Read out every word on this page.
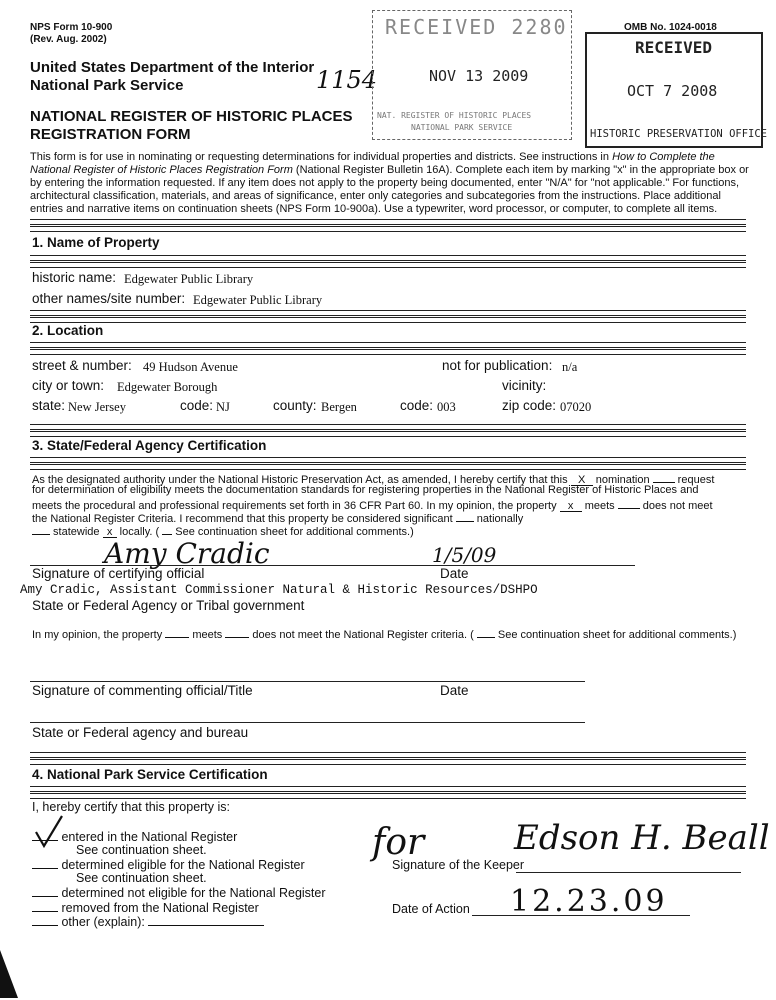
NPS Form 10-900
(Rev. Aug. 2002)
OMB No. 1024-0018
United States Department of the Interior
National Park Service	1154
NATIONAL REGISTER OF HISTORIC PLACES
REGISTRATION FORM
RECEIVED 2280
NOV 13 2009
NAT. REGISTER OF HISTORIC PLACES
NATIONAL PARK SERVICE
RECEIVED
OCT 7 2008
HISTORIC PRESERVATION OFFICE
This form is for use in nominating or requesting determinations for individual properties and districts. See instructions in How to Complete the National Register of Historic Places Registration Form (National Register Bulletin 16A). Complete each item by marking "x" in the appropriate box or by entering the information requested. If any item does not apply to the property being documented, enter "N/A" for "not applicable." For functions, architectural classification, materials, and areas of significance, enter only categories and subcategories from the instructions. Place additional entries and narrative items on continuation sheets (NPS Form 10-900a). Use a typewriter, word processor, or computer, to complete all items.
1. Name of Property
historic name: Edgewater Public Library
other names/site number: Edgewater Public Library
2. Location
street & number: 49 Hudson Avenue	not for publication: n/a
city or town: Edgewater Borough	vicinity:
state: New Jersey	code: NJ	county: Bergen	code: 003	zip code: 07020
3. State/Federal Agency Certification
As the designated authority under the National Historic Preservation Act, as amended, I hereby certify that this X nomination  request
for determination of eligibility meets the documentation standards for registering properties in the National Register of Historic Places and
meets the procedural and professional requirements set forth in 36 CFR Part 60. In my opinion, the property x meets  does not meet
the National Register Criteria. I recommend that this property be considered significant  nationally
statewide x locally. (  See continuation sheet for additional comments.)
Amy Cradic	1/5/09
Signature of certifying official	Date
Amy Cradic, Assistant Commissioner Natural & Historic Resources/DSHPO
State or Federal Agency or Tribal government
In my opinion, the property  meets  does not meet the National Register criteria. (  See continuation sheet for additional comments.)
Signature of commenting official/Title	Date
State or Federal agency and bureau
4. National Park Service Certification
I, hereby certify that this property is:
entered in the National Register
See continuation sheet.
determined eligible for the National Register
See continuation sheet.
determined not eligible for the National Register
removed from the National Register
other (explain):
for	Edson H. Beall
Signature of the Keeper
12.23.09
Date of Action
